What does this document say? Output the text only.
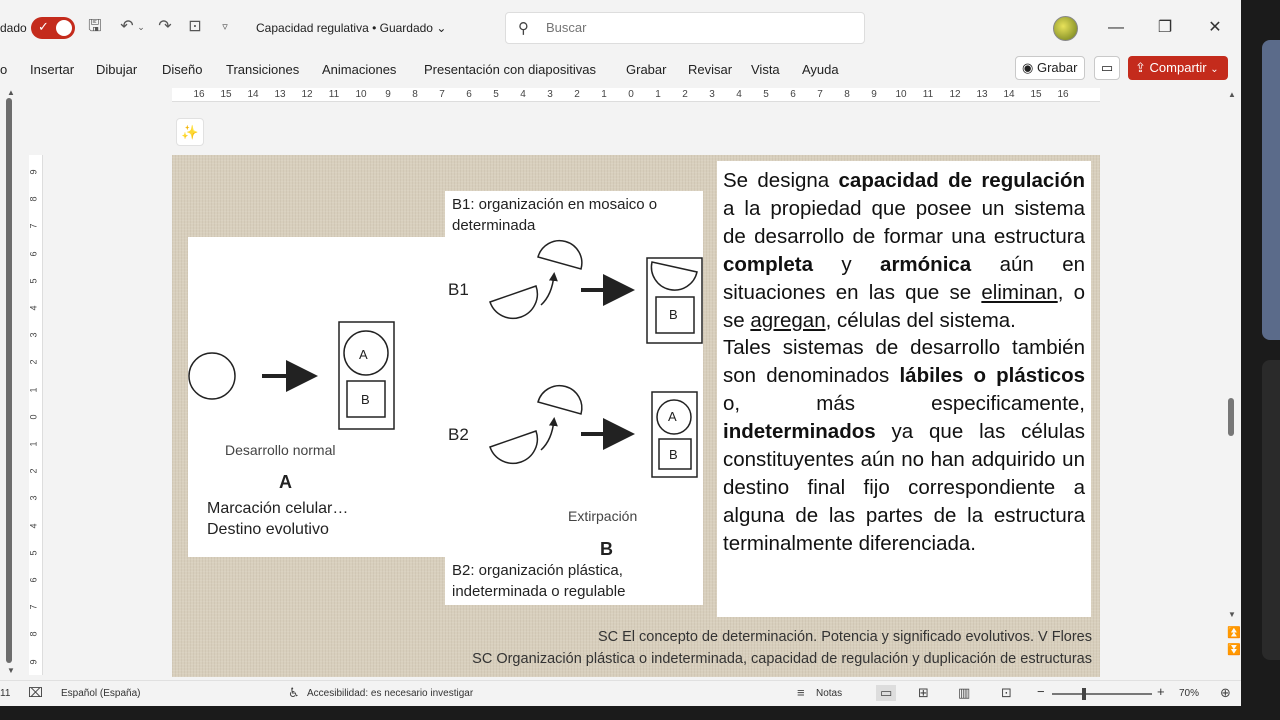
dado ✓ 🖫 ↶ ⌄ ↷ ⊡	▿	Capacidad regulativa • Guardado ⌄	⚲
Buscar	—	❐	✕
o Insertar Dibujar Diseño Transiciones Animaciones Presentación con diapositivas Grabar Revisar Vista Ayuda	◉ Grabar	▭	⇪ Compartir ⌄
16 15 14 13 12 11 10 9 8 7 6 5 4 3 2 1 0 1 2 3 4 5 6 7 8 9 10 11 12 13 14 15 16
9
8
7
6
5
4
3
2
1
0
1
2
3
4
5
6
7
8
9
▲
▼
✨
A
B
B
A
B
B1: organización en mosaico o
determinada
B1
B2
Desarrollo normal
A
Marcación celular…
Destino evolutivo
Extirpación
B
B2: organización plástica,
indeterminada o regulable

Se designa capacidad de regulación a la propiedad que posee un sistema de desarrollo de formar una estructura completa y armónica aún en situaciones en las que se eliminan, o se agregan, células del sistema.

Tales sistemas de desarrollo también son denominados lábiles o plásticos o, más especificamente, indeterminados ya que las células constituyentes aún no han adquirido un destino final fijo correspondiente a alguna de las partes de la estructura terminalmente diferenciada.

SC El concepto de determinación. Potencia y significado evolutivos. V Flores
SC Organización plástica o indeterminada, capacidad de regulación y duplicación de estructuras
▲
▼
⏫
⏬
11 ⌧ Español (España)	♿ Accesibilidad: es necesario investigar	≡ Notas	▭	⊞ ▥ ⊡ −	+ 70% ⊕
